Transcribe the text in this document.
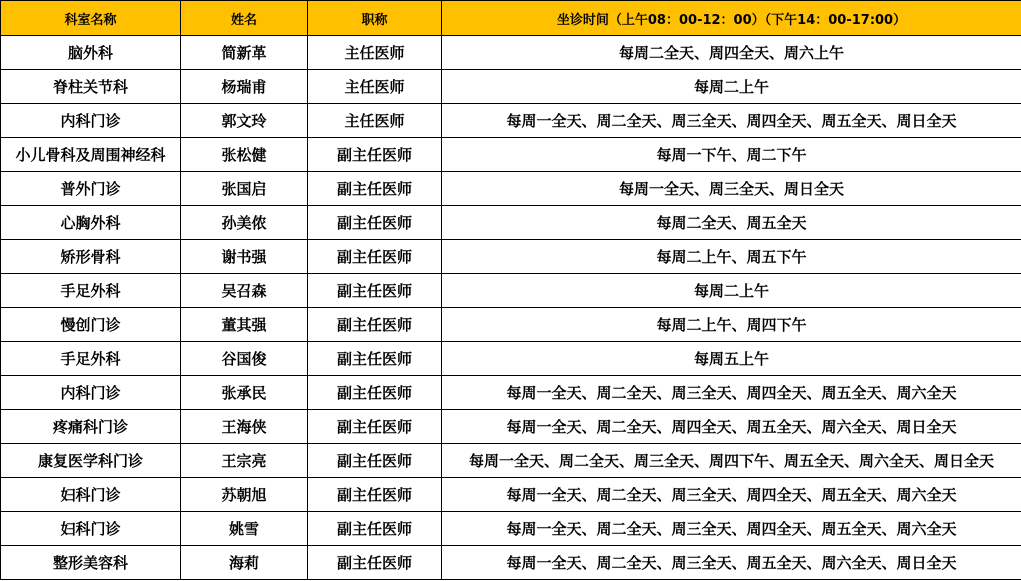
科室名称	姓名	职称	坐诊时间（上午08：00-12：00）（下午14：00-17:00）
脑外科	简新革	主任医师	每周二全天、周四全天、周六上午
脊柱关节科	杨瑞甫	主任医师	每周二上午
内科门诊	郭文玲	主任医师	每周一全天、周二全天、周三全天、周四全天、周五全天、周日全天
小儿骨科及周围神经科	张松健	副主任医师	每周一下午、周二下午
普外门诊	张国启	副主任医师	每周一全天、周三全天、周日全天
心胸外科	孙美侬	副主任医师	每周二全天、周五全天
矫形骨科	谢书强	副主任医师	每周二上午、周五下午
手足外科	吴召森	副主任医师	每周二上午
慢创门诊	董其强	副主任医师	每周二上午、周四下午
手足外科	谷国俊	副主任医师	每周五上午
内科门诊	张承民	副主任医师	每周一全天、周二全天、周三全天、周四全天、周五全天、周六全天
疼痛科门诊	王海侠	副主任医师	每周一全天、周二全天、周四全天、周五全天、周六全天、周日全天
康复医学科门诊	王宗亮	副主任医师	每周一全天、周二全天、周三全天、周四下午、周五全天、周六全天、周日全天
妇科门诊	苏朝旭	副主任医师	每周一全天、周二全天、周三全天、周四全天、周五全天、周六全天
妇科门诊	姚雪	副主任医师	每周一全天、周二全天、周三全天、周四全天、周五全天、周六全天
整形美容科	海莉	副主任医师	每周一全天、周二全天、周三全天、周五全天、周六全天、周日全天
